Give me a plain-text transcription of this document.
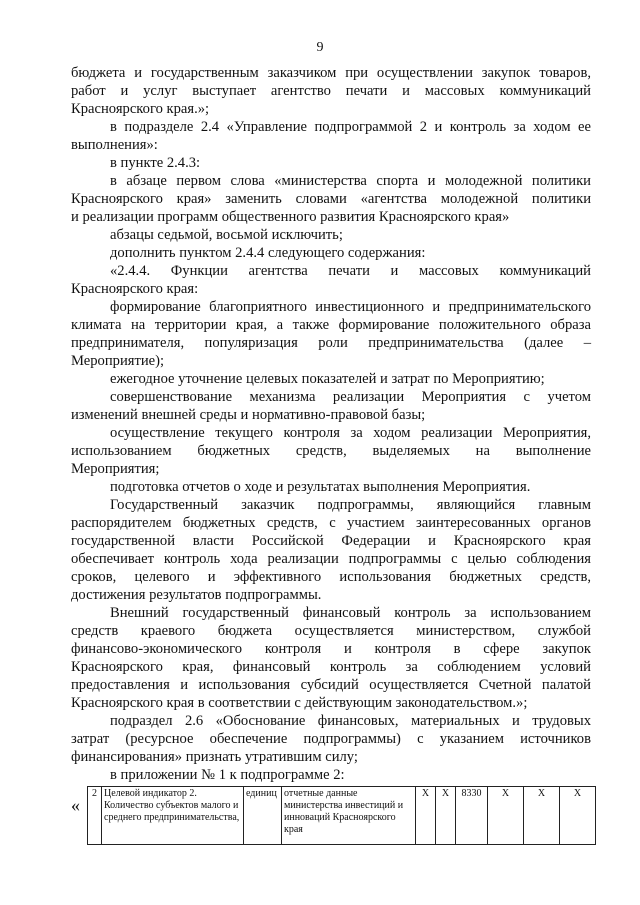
9
бюджета и государственным заказчиком при осуществлении закупок товаров,
работ и услуг выступает агентство печати и массовых коммуникаций
Красноярского края.»;
в подразделе 2.4 «Управление подпрограммой 2 и контроль за ходом ее
выполнения»:
в пункте 2.4.3:
в абзаце первом слова «министерства спорта и молодежной политики
Красноярского края» заменить словами «агентства молодежной политики
и реализации программ общественного развития Красноярского края»
абзацы седьмой, восьмой исключить;
дополнить пунктом 2.4.4 следующего содержания:
«2.4.4. Функции агентства печати и массовых коммуникаций
Красноярского края:
формирование благоприятного инвестиционного и предпринимательского
климата на территории края, а также формирование положительного образа
предпринимателя, популяризация роли предпринимательства (далее –
Мероприятие);
ежегодное уточнение целевых показателей и затрат по Мероприятию;
совершенствование механизма реализации Мероприятия с учетом
изменений внешней среды и нормативно-правовой базы;
осуществление текущего контроля за ходом реализации Мероприятия,
использованием бюджетных средств, выделяемых на выполнение
Мероприятия;
подготовка отчетов о ходе и результатах выполнения Мероприятия.
Государственный заказчик подпрограммы, являющийся главным
распорядителем бюджетных средств, с участием заинтересованных органов
государственной власти Российской Федерации и Красноярского края
обеспечивает контроль хода реализации подпрограммы с целью соблюдения
сроков, целевого и эффективного использования бюджетных средств,
достижения результатов подпрограммы.
Внешний государственный финансовый контроль за использованием
средств краевого бюджета осуществляется министерством, службой
финансово-экономического контроля и контроля в сфере закупок
Красноярского края, финансовый контроль за соблюдением условий
предоставления и использования субсидий осуществляется Счетной палатой
Красноярского края в соответствии с действующим законодательством.»;
подраздел 2.6 «Обоснование финансовых, материальных и трудовых
затрат (ресурсное обеспечение подпрограммы) с указанием источников
финансирования» признать утратившим силу;
в приложении № 1 к подпрограмме 2:
«
2	Целевой индикатор 2. Количество субъектов малого и среднего предпринимательства,	единиц	отчетные данные министерства инвестиций и инноваций Красноярского края	Х	Х	8330	Х	Х	Х
